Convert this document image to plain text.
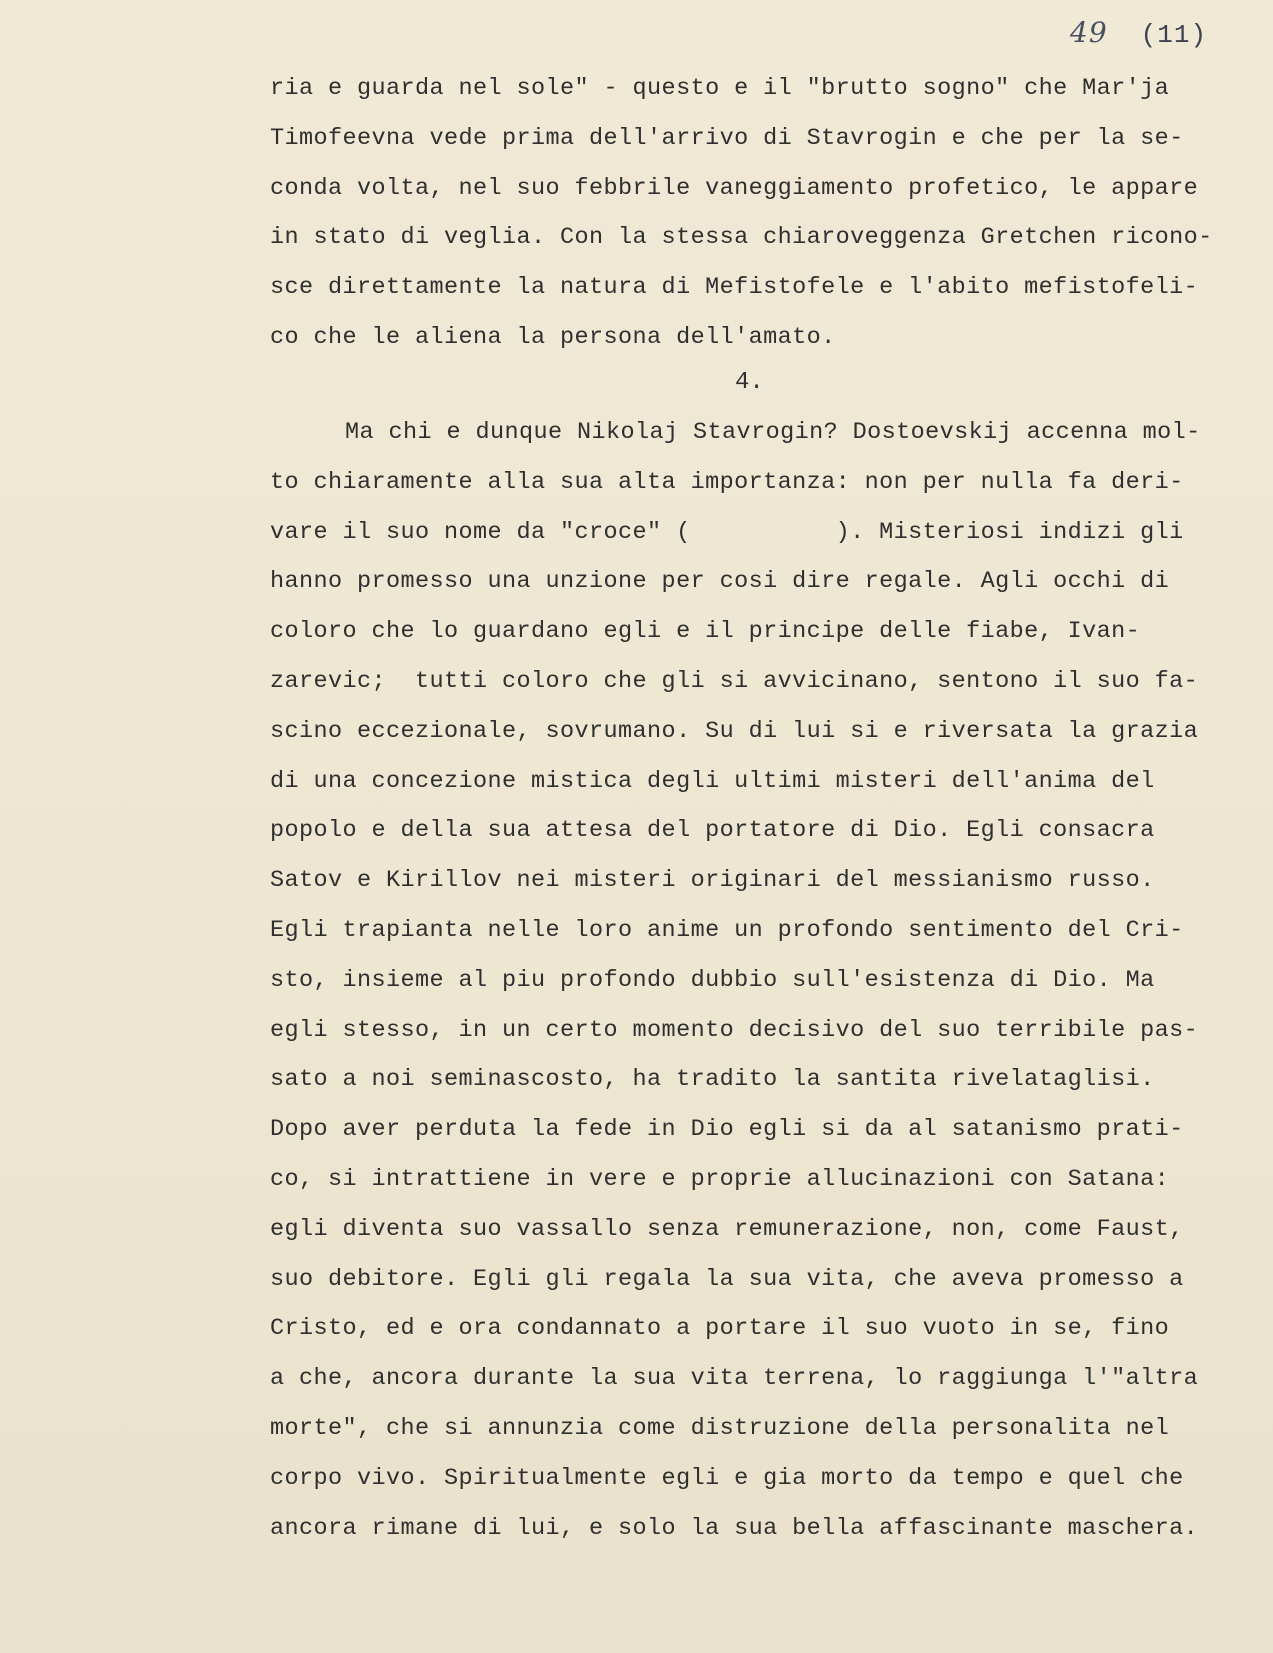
49 (11)
ria e guarda nel sole" - questo e il "brutto sogno" che Mar'ja
Timofeevna vede prima dell'arrivo di Stavrogin e che per la se-
conda volta, nel suo febbrile vaneggiamento profetico, le appare
in stato di veglia. Con la stessa chiaroveggenza Gretchen ricono-
sce direttamente la natura di Mefistofele e l'abito mefistofeli-
co che le aliena la persona dell'amato.
4.
Ma chi e dunque Nikolaj Stavrogin? Dostoevskij accenna mol-
to chiaramente alla sua alta importanza: non per nulla fa deri-
vare il suo nome da "croce" (          ). Misteriosi indizi gli
hanno promesso una unzione per cosi dire regale. Agli occhi di
coloro che lo guardano egli e il principe delle fiabe, Ivan-
zarevic;  tutti coloro che gli si avvicinano, sentono il suo fa-
scino eccezionale, sovrumano. Su di lui si e riversata la grazia
di una concezione mistica degli ultimi misteri dell'anima del
popolo e della sua attesa del portatore di Dio. Egli consacra
Satov e Kirillov nei misteri originari del messianismo russo.
Egli trapianta nelle loro anime un profondo sentimento del Cri-
sto, insieme al piu profondo dubbio sull'esistenza di Dio. Ma
egli stesso, in un certo momento decisivo del suo terribile pas-
sato a noi seminascosto, ha tradito la santita rivelataglisi.
Dopo aver perduta la fede in Dio egli si da al satanismo prati-
co, si intrattiene in vere e proprie allucinazioni con Satana:
egli diventa suo vassallo senza remunerazione, non, come Faust,
suo debitore. Egli gli regala la sua vita, che aveva promesso a
Cristo, ed e ora condannato a portare il suo vuoto in se, fino
a che, ancora durante la sua vita terrena, lo raggiunga l'"altra
morte", che si annunzia come distruzione della personalita nel
corpo vivo. Spiritualmente egli e gia morto da tempo e quel che
ancora rimane di lui, e solo la sua bella affascinante maschera.
